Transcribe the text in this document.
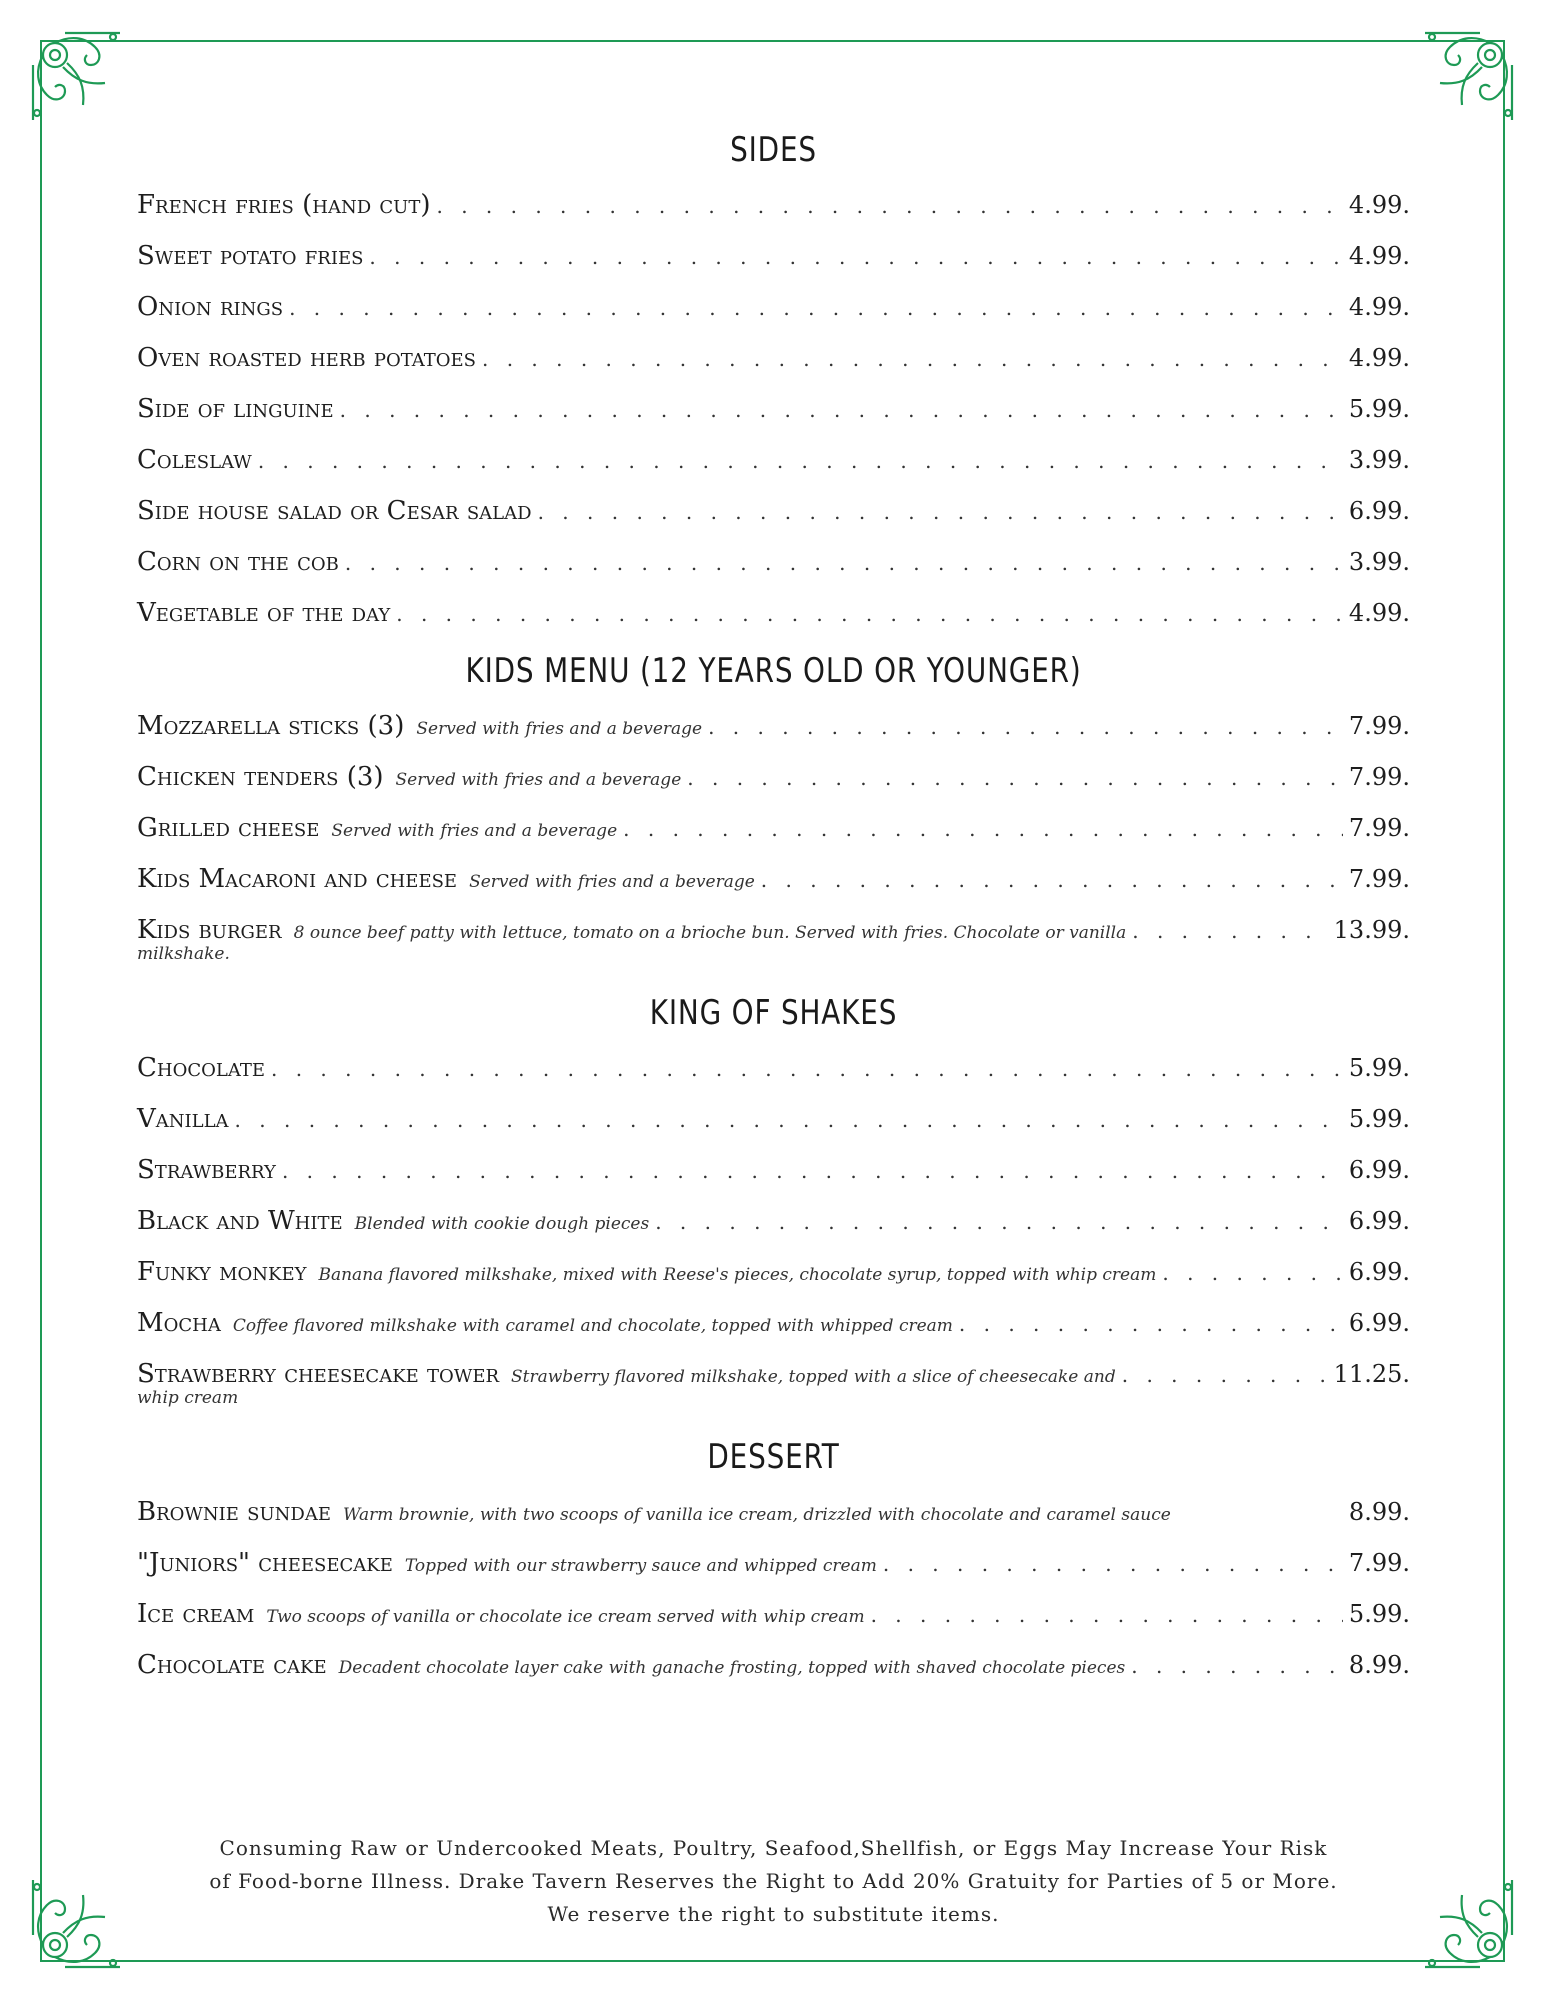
SIDES
French fries (hand cut) . . .	4.99.
Sweet potato fries . . .	4.99.
Onion rings . . .	4.99.
Oven roasted herb potatoes . . .	4.99.
Side of linguine . . .	5.99.
Coleslaw . . .	3.99.
Side house salad or Cesar salad . . .	6.99.
Corn on the cob . . .	3.99.
Vegetable of the day . . .	4.99.
KIDS MENU (12 YEARS OLD OR YOUNGER)
Mozzarella sticks (3) Served with fries and a beverage . . .	7.99.
Chicken tenders (3) Served with fries and a beverage . . .	7.99.
Grilled cheese Served with fries and a beverage . . .	7.99.
Kids Macaroni and cheese Served with fries and a beverage . . .	7.99.
Kids burger 8 ounce beef patty with lettuce, tomato on a brioche bun. Served with fries. Chocolate or vanilla . . .	13.99.
milkshake.
KING OF SHAKES
Chocolate . . .	5.99.
Vanilla . . .	5.99.
Strawberry . . .	6.99.
Black and White Blended with cookie dough pieces . . .	6.99.
Funky monkey Banana flavored milkshake, mixed with Reese's pieces, chocolate syrup, topped with whip cream . . .	6.99.
Mocha Coffee flavored milkshake with caramel and chocolate, topped with whipped cream . . .	6.99.
Strawberry cheesecake tower Strawberry flavored milkshake, topped with a slice of cheesecake and . . .	11.25.
whip cream
DESSERT
Brownie sundae Warm brownie, with two scoops of vanilla ice cream, drizzled with chocolate and caramel sauce	8.99.
"Juniors" cheesecake Topped with our strawberry sauce and whipped cream . . .	7.99.
Ice cream Two scoops of vanilla or chocolate ice cream served with whip cream . . .	5.99.
Chocolate cake Decadent chocolate layer cake with ganache frosting, topped with shaved chocolate pieces . . .	8.99.
Consuming Raw or Undercooked Meats, Poultry, Seafood,Shellfish, or Eggs May Increase Your Risk
of Food-borne Illness. Drake Tavern Reserves the Right to Add 20% Gratuity for Parties of 5 or More.
We reserve the right to substitute items.
